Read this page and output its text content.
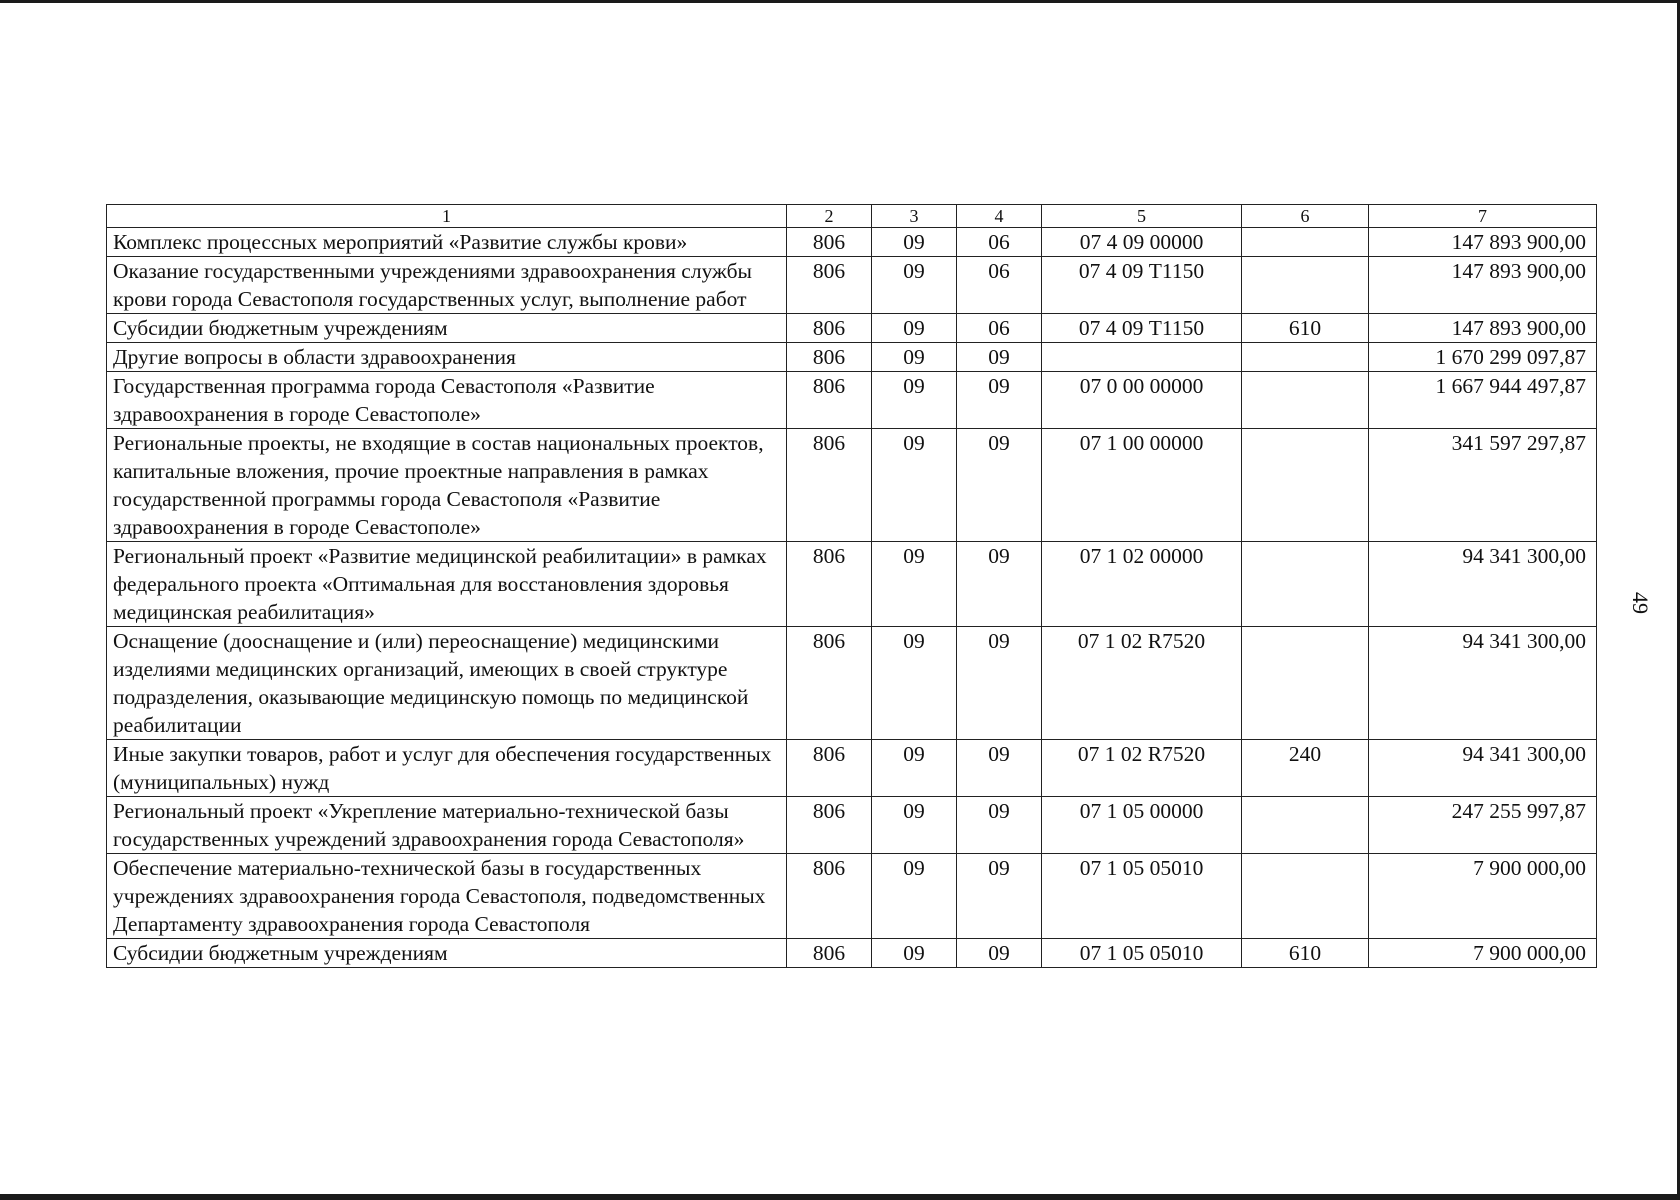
49
1	2	3	4	5	6	7
Комплекс процессных мероприятий «Развитие службы крови»	806	09	06	07 4 09 00000		147 893 900,00
Оказание государственными учреждениями здравоохранения службы крови города Севастополя государственных услуг, выполнение работ	806	09	06	07 4 09 Т1150		147 893 900,00
Субсидии бюджетным учреждениям	806	09	06	07 4 09 Т1150	610	147 893 900,00
Другие вопросы в области здравоохранения	806	09	09			1 670 299 097,87
Государственная программа города Севастополя «Развитие здравоохранения в городе Севастополе»	806	09	09	07 0 00 00000		1 667 944 497,87
Региональные проекты, не входящие в состав национальных проектов, капитальные вложения, прочие проектные направления в рамках государственной программы города Севастополя «Развитие здравоохранения в городе Севастополе»	806	09	09	07 1 00 00000		341 597 297,87
Региональный проект «Развитие медицинской реабилитации» в рамках федерального проекта «Оптимальная для восстановления здоровья медицинская реабилитация»	806	09	09	07 1 02 00000		94 341 300,00
Оснащение (дооснащение и (или) переоснащение) медицинскими изделиями медицинских организаций, имеющих в своей структуре подразделения, оказывающие медицинскую помощь по медицинской реабилитации	806	09	09	07 1 02 R7520		94 341 300,00
Иные закупки товаров, работ и услуг для обеспечения государственных (муниципальных) нужд	806	09	09	07 1 02 R7520	240	94 341 300,00
Региональный проект «Укрепление материально-технической базы государственных учреждений здравоохранения города Севастополя»	806	09	09	07 1 05 00000		247 255 997,87
Обеспечение материально-технической базы в государственных учреждениях здравоохранения города Севастополя, подведомственных Департаменту здравоохранения города Севастополя	806	09	09	07 1 05 05010		7 900 000,00
Субсидии бюджетным учреждениям	806	09	09	07 1 05 05010	610	7 900 000,00
